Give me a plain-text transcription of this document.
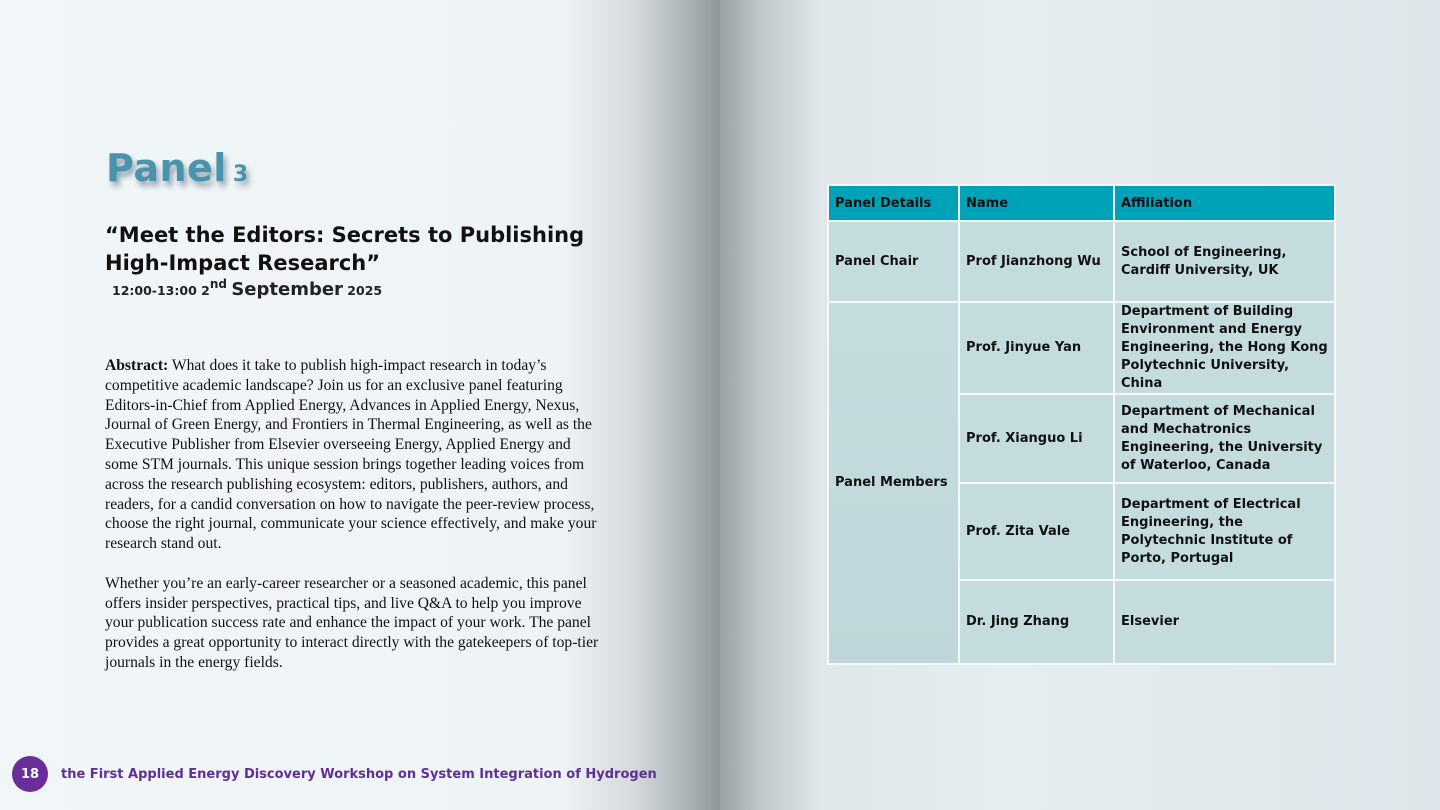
Panel 3
“Meet the Editors: Secrets to Publishing High-Impact Research”
12:00-13:00 2nd September 2025

Abstract: What does it take to publish high-impact research in today’s competitive academic landscape? Join us for an exclusive panel featuring Editors-in-Chief from Applied Energy, Advances in Applied Energy, Nexus, Journal of Green Energy, and Frontiers in Thermal Engineering, as well as the Executive Publisher from Elsevier overseeing Energy, Applied Energy and some STM journals. This unique session brings together leading voices from across the research publishing ecosystem: editors, publishers, authors, and readers, for a candid conversation on how to navigate the peer-review process, choose the right journal, communicate your science effectively, and make your research stand out.

Whether you’re an early-career researcher or a seasoned academic, this panel offers insider perspectives, practical tips, and live Q&A to help you improve your publication success rate and enhance the impact of your work. The panel provides a great opportunity to interact directly with the gatekeepers of top-tier journals in the energy fields.

18	the First Applied Energy Discovery Workshop on System Integration of Hydrogen
Panel Details	Name	Affiliation
Panel Chair	Prof Jianzhong Wu	School of Engineering, Cardiff University, UK
Panel Members	Prof. Jinyue Yan	Department of Building Environment and Energy Engineering, the Hong Kong Polytechnic University, China
	Prof. Xianguo Li	Department of Mechanical and Mechatronics Engineering, the University of Waterloo, Canada
	Prof. Zita Vale	Department of Electrical Engineering, the Polytechnic Institute of Porto, Portugal
	Dr. Jing Zhang	Elsevier
